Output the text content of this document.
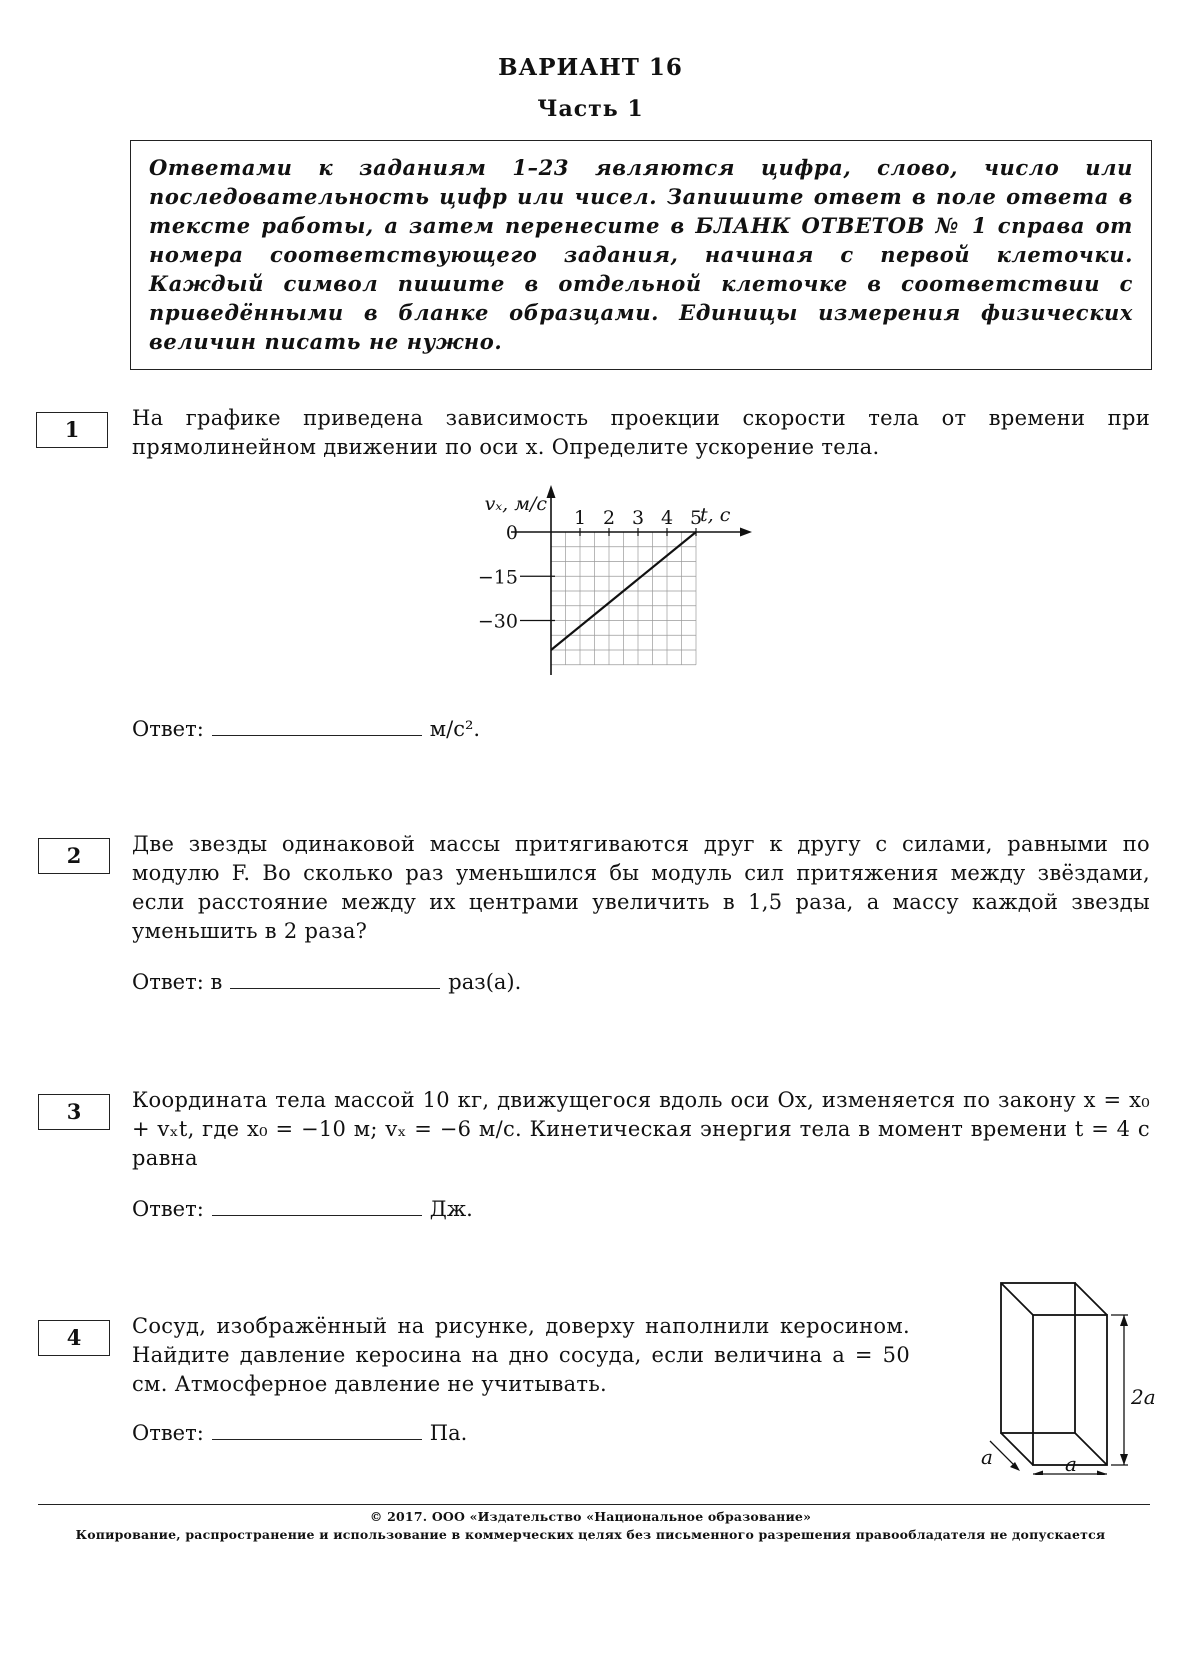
ВАРИАНТ 16
Часть 1
Ответами к заданиям 1–23 являются цифра, слово, число или последовательность цифр или чисел. Запишите ответ в поле ответа в тексте работы, а затем перенесите в БЛАНК ОТВЕТОВ № 1 справа от номера соответствующего задания, начиная с первой клеточки. Каждый символ пишите в отдельной клеточке в соответствии с приведёнными в бланке образцами. Единицы измерения физических величин писать не нужно.
1	На графике приведена зависимость проекции скорости тела от времени при прямолинейном движении по оси x. Определите ускорение тела.
1 2 3 4 5
0
−15
−30
vₓ, м/с	t, с
Ответ:	м/с².
2	Две звезды одинаковой массы притягиваются друг к другу с силами, равными по модулю F. Во сколько раз уменьшился бы модуль сил притяжения между звёздами, если расстояние между их центрами увеличить в 1,5 раза, а массу каждой звезды уменьшить в 2 раза?
Ответ: в	раз(а).
3	Координата тела массой 10 кг, движущегося вдоль оси Ox, изменяется по закону x = x₀ + vₓt, где x₀ = −10 м; vₓ = −6 м/с. Кинетическая энергия тела в момент времени t = 4 с равна
Ответ:	Дж.
4	Сосуд, изображённый на рисунке, доверху наполнили керосином. Найдите давление керосина на дно сосуда, если величина a = 50 см. Атмосферное давление не учитывать.
Ответ:	Па.
2a
a
a
© 2017. ООО «Издательство «Национальное образование»
Копирование, распространение и использование в коммерческих целях без письменного разрешения правообладателя не допускается
